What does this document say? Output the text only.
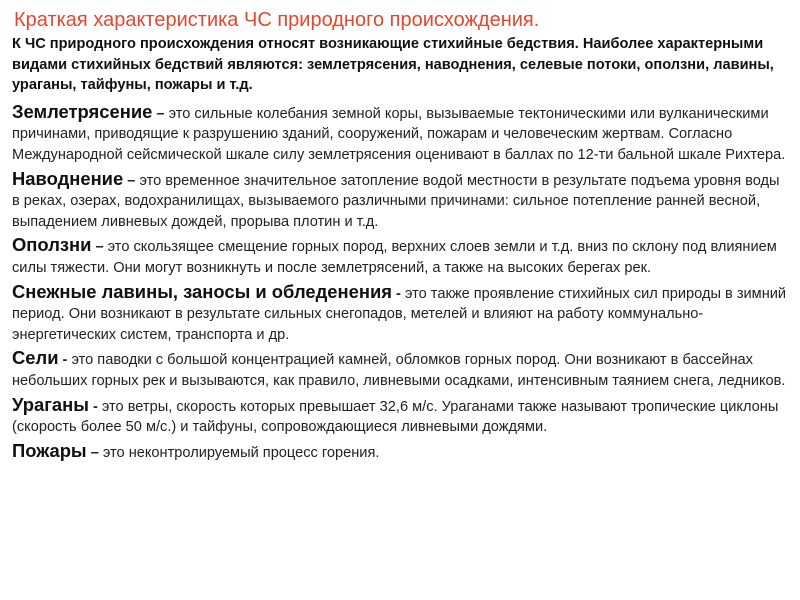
Краткая характеристика ЧС природного происхождения.
К ЧС природного происхождения относят возникающие стихийные бедствия. Наиболее характерными видами стихийных бедствий являются: землетрясения, наводнения, селевые потоки, оползни, лавины, ураганы, тайфуны, пожары и т.д.

Землетрясение – это сильные колебания земной коры, вызываемые тектоническими или вулканическими причинами, приводящие к разрушению зданий, сооружений, пожарам и человеческим жертвам. Согласно Международной сейсмической шкале силу землетрясения оценивают в баллах по 12-ти бальной шкале Рихтера.

Наводнение – это временное значительное затопление водой местности в результате подъема уровня воды в реках, озерах, водохранилищах, вызываемого различными причинами: сильное потепление ранней весной, выпадением ливневых дождей, прорыва плотин и т.д.

Оползни – это скользящее смещение горных пород, верхних слоев земли и т.д. вниз по склону под влиянием силы тяжести. Они могут возникнуть и после землетрясений, а также на высоких берегах рек.

Снежные лавины, заносы и обледенения - это также проявление стихийных сил природы в зимний период. Они возникают в результате сильных снегопадов, метелей и влияют на работу коммунально-энергетических систем, транспорта и др.

Сели - это паводки с большой концентрацией камней, обломков горных пород. Они возникают в бассейнах небольших горных рек и вызываются, как правило, ливневыми осадками, интенсивным таянием снега, ледников.

Ураганы - это ветры, скорость которых превышает 32,6 м/с. Ураганами также называют тропические циклоны (скорость более 50 м/с.) и тайфуны, сопровождающиеся ливневыми дождями.

Пожары – это неконтролируемый процесс горения.
